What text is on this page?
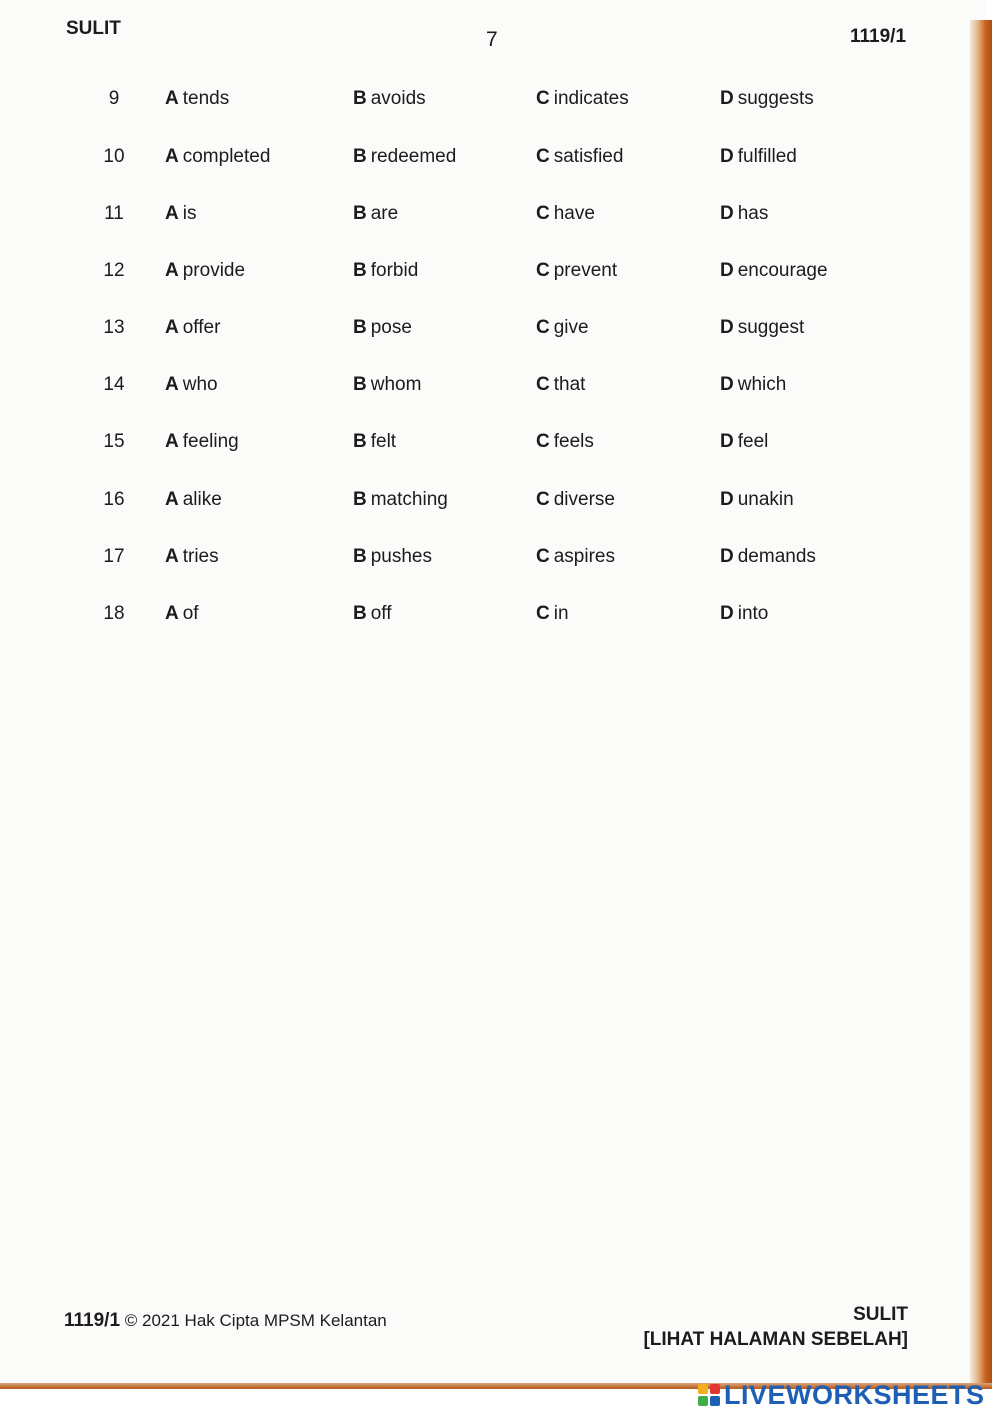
SULIT	7	1119/1
9	A tends	B avoids	C indicates	D suggests
10	A completed	B redeemed	C satisfied	D fulfilled
11	A is	B are	C have	D has
12	A provide	B forbid	C prevent	D encourage
13	A offer	B pose	C give	D suggest
14	A who	B whom	C that	D which
15	A feeling	B felt	C feels	D feel
16	A alike	B matching	C diverse	D unakin
17	A tries	B pushes	C aspires	D demands
18	A of	B off	C in	D into
1119/1 © 2021 Hak Cipta MPSM Kelantan	SULIT
[LIHAT HALAMAN SEBELAH]
LIVEWORKSHEETS
